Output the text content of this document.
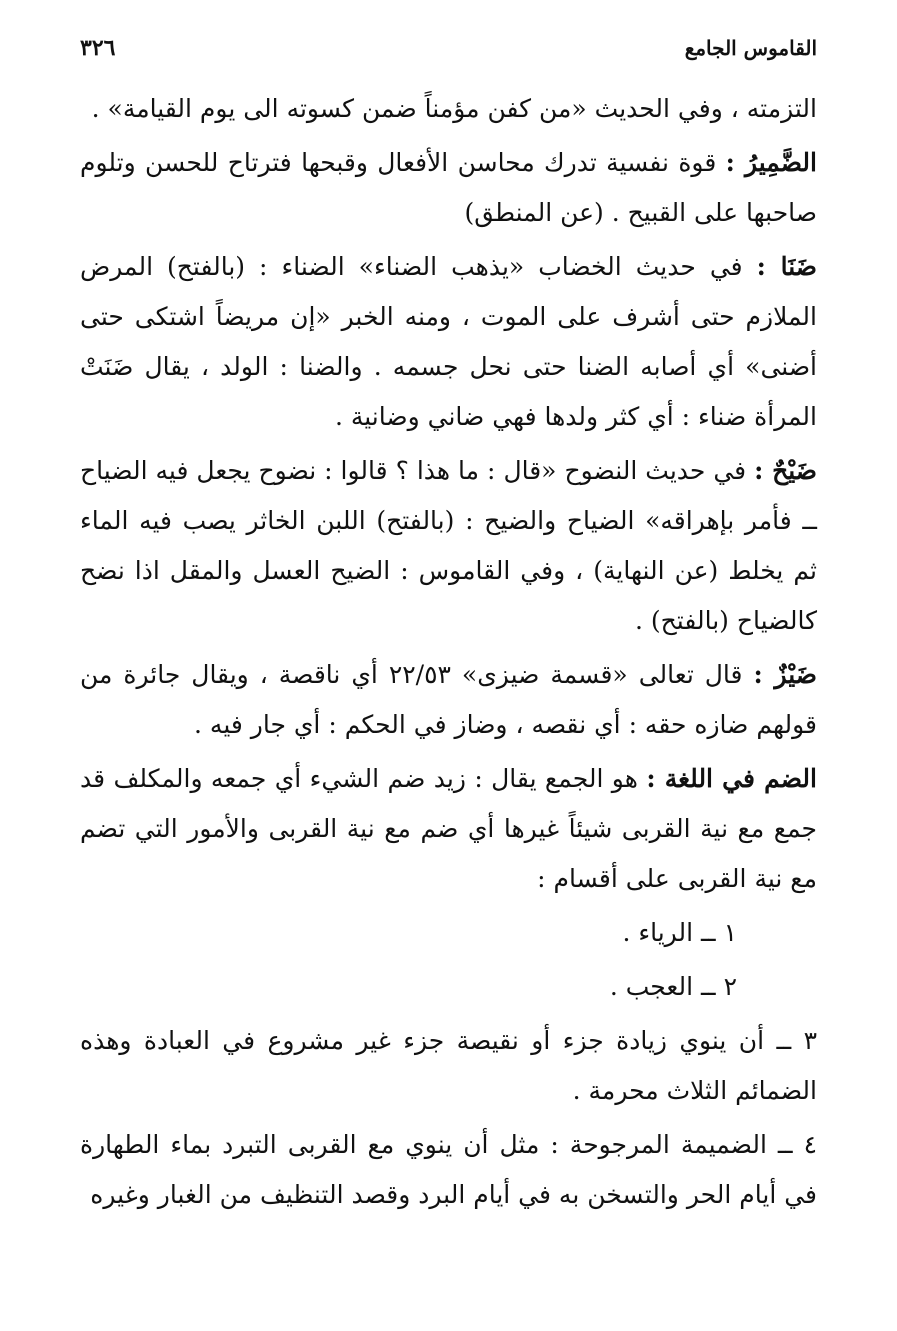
٣٢٦	القاموس الجامع

التزمته ، وفي الحديث «من كفن مؤمناً ضمن كسوته الى يوم القيامة» .

الضَّمِيرُ : قوة نفسية تدرك محاسن الأفعال وقبحها فترتاح للحسن وتلوم صاحبها على القبيح . (عن المنطق)

ضَنَا : في حديث الخضاب «يذهب الضناء» الضناء : (بالفتح) المرض الملازم حتى أشرف على الموت ، ومنه الخبر «إن مريضاً اشتكى حتى أضنى» أي أصابه الضنا حتى نحل جسمه . والضنا : الولد ، يقال ضَنَتْ المرأة ضناء : أي كثر ولدها فهي ضاني وضانية .

ضَيْحٌ : في حديث النضوح «قال : ما هذا ؟ قالوا : نضوح يجعل فيه الضياح ــ فأمر بإهراقه» الضياح والضيح : (بالفتح) اللبن الخاثر يصب فيه الماء ثم يخلط (عن النهاية) ، وفي القاموس : الضيح العسل والمقل اذا نضح كالضياح (بالفتح) .

ضَيْزٌ : قال تعالى «قسمة ضيزى» ٢٢/٥٣ أي ناقصة ، ويقال جائرة من قولهم ضازه حقه : أي نقصه ، وضاز في الحكم : أي جار فيه .

الضم في اللغة : هو الجمع يقال : زيد ضم الشيء أي جمعه والمكلف قد جمع مع نية القربى شيئاً غيرها أي ضم مع نية القربى والأمور التي تضم مع نية القربى على أقسام :

١ ــ الرياء .

٢ ــ العجب .

٣ ــ أن ينوي زيادة جزء أو نقيصة جزء غير مشروع في العبادة وهذه الضمائم الثلاث محرمة .

٤ ــ الضميمة المرجوحة : مثل أن ينوي مع القربى التبرد بماء الطهارة في أيام الحر والتسخن به في أيام البرد وقصد التنظيف من الغبار وغيره
